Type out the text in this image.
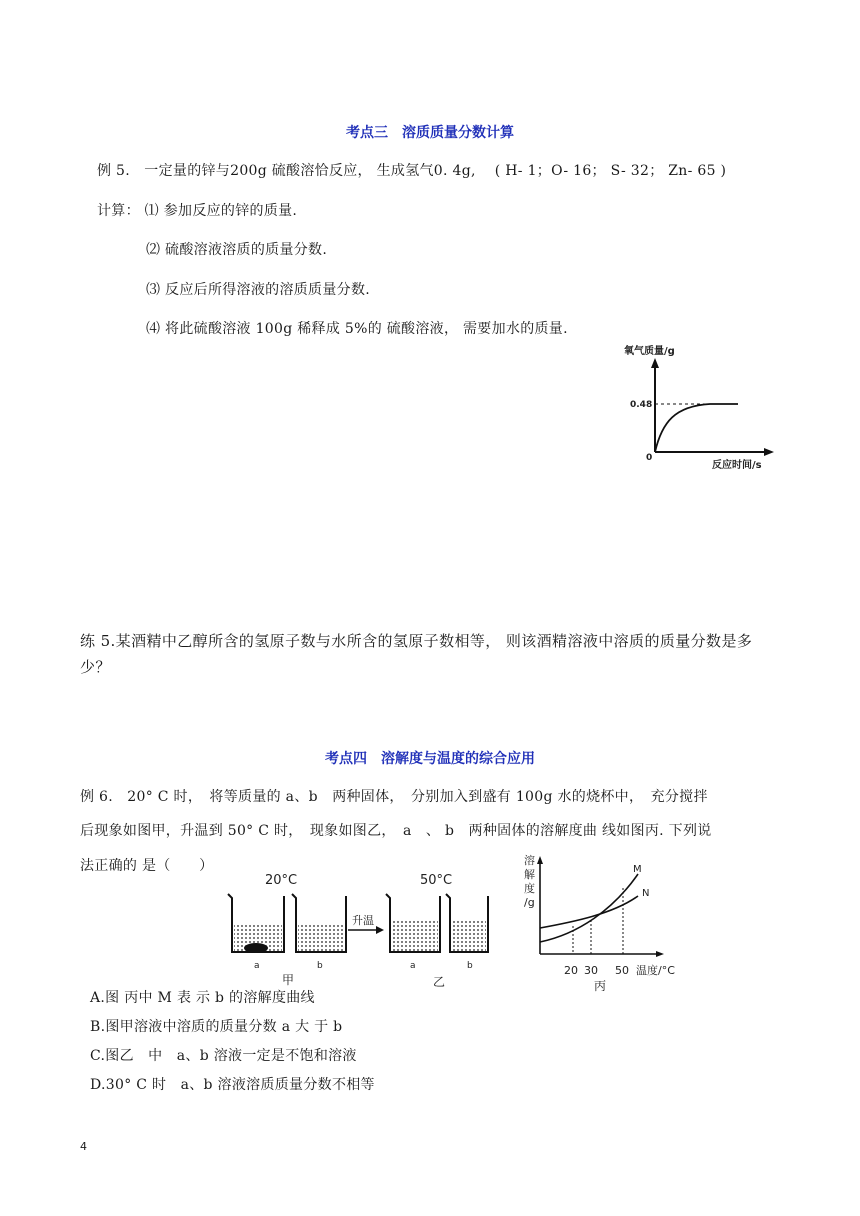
考点三　溶质质量分数计算
例 5.　一定量的锌与200g 硫酸溶恰反应， 生成氢气0. 4g,　 ( H- 1；O- 16； S- 32； Zn- 65 )
计算： ⑴ 参加反应的锌的质量.
⑵ 硫酸溶液溶质的质量分数.
⑶ 反应后所得溶液的溶质质量分数.
⑷ 将此硫酸溶液 100g 稀释成 5%的 硫酸溶液， 需要加水的质量.
氧气质量/g
0.48
0
反应时间/s
练 5.某酒精中乙醇所含的氢原子数与水所含的氢原子数相等， 则该酒精溶液中溶质的质量分数是多少？
考点四　溶解度与温度的综合应用
例 6.　20° C 时，　将等质量的 a、b　两种固体，　分别加入到盛有 100g 水的烧杯中，　充分搅拌
后现象如图甲，升温到 50° C 时，　现象如图乙，　a　、 b　两种固体的溶解度曲 线如图丙. 下列说
法正确的 是（　　）
20°C	50°C
a	b
甲
升温
a	b
乙
溶
解
度
/g
M
N
20 30 50 温度/°C
丙
A.图 丙中 M 表 示 b 的溶解度曲线
B.图甲溶液中溶质的质量分数 a 大 于 b
C.图乙　中　a、b 溶液一定是不饱和溶液
D.30° C 时　a、b 溶液溶质质量分数不相等
4
